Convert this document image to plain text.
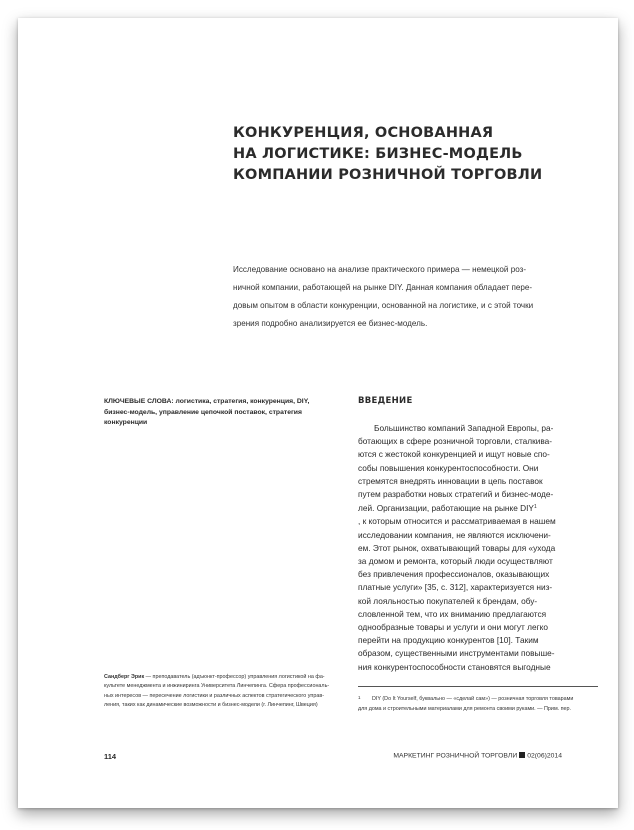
КОНКУРЕНЦИЯ, ОСНОВАННАЯ
НА ЛОГИСТИКЕ: БИЗНЕС-МОДЕЛЬ
КОМПАНИИ РОЗНИЧНОЙ ТОРГОВЛИ
Исследование основано на анализе практического примера — немецкой роз-
ничной компании, работающей на рынке DIY. Данная компания обладает пере-
довым опытом в области конкуренции, основанной на логистике, и с этой точки
зрения подробно анализируется ее бизнес-модель.
КЛЮЧЕВЫЕ СЛОВА: логистика, стратегия, конкуренция, DIY,
бизнес-модель, управление цепочкой поставок, стратегия
конкуренции
ВВЕДЕНИЕ
Большинство компаний Западной Европы, ра-
ботающих в сфере розничной торговли, сталкива-
ются с жестокой конкуренцией и ищут новые спо-
собы повышения конкурентоспособности. Они
стремятся внедрять инновации в цепь поставок
путем разработки новых стратегий и бизнес-моде-
лей. Организации, работающие на рынке DIY$^1$
, к которым относится и рассматриваемая в нашем
исследовании компания, не являются исключени-
ем. Этот рынок, охватывающий товары для «ухода
за домом и ремонта, который люди осуществляют
без привлечения профессионалов, оказывающих
платные услуги» [35, с. 312], характеризуется низ-
кой лояльностью покупателей к брендам, обу-
словленной тем, что их вниманию предлагаются
однообразные товары и услуги и они могут легко
перейти на продукцию конкурентов [10]. Таким
образом, существенными инструментами повыше-
ния конкурентоспособности становятся выгодные
1 DIY (Do It Yourself, буквально — «сделай сам») — розничная торговля товарами
для дома и строительными материалами для ремонта своими руками. — Прим. пер.
Сандберг Эрик — преподаватель (адъюнкт-профессор) управления логистикой на фа-
культете менеджмента и инжиниринга Университета Линчепинга. Сфера профессиональ-
ных интересов — пересечение логистики и различных аспектов стратегического управ-
ления, таких как динамические возможности и бизнес-модели (г. Линчепинг, Швеция)
114	МАРКЕТИНГ РОЗНИЧНОЙ ТОРГОВЛИ 02(06)2014
